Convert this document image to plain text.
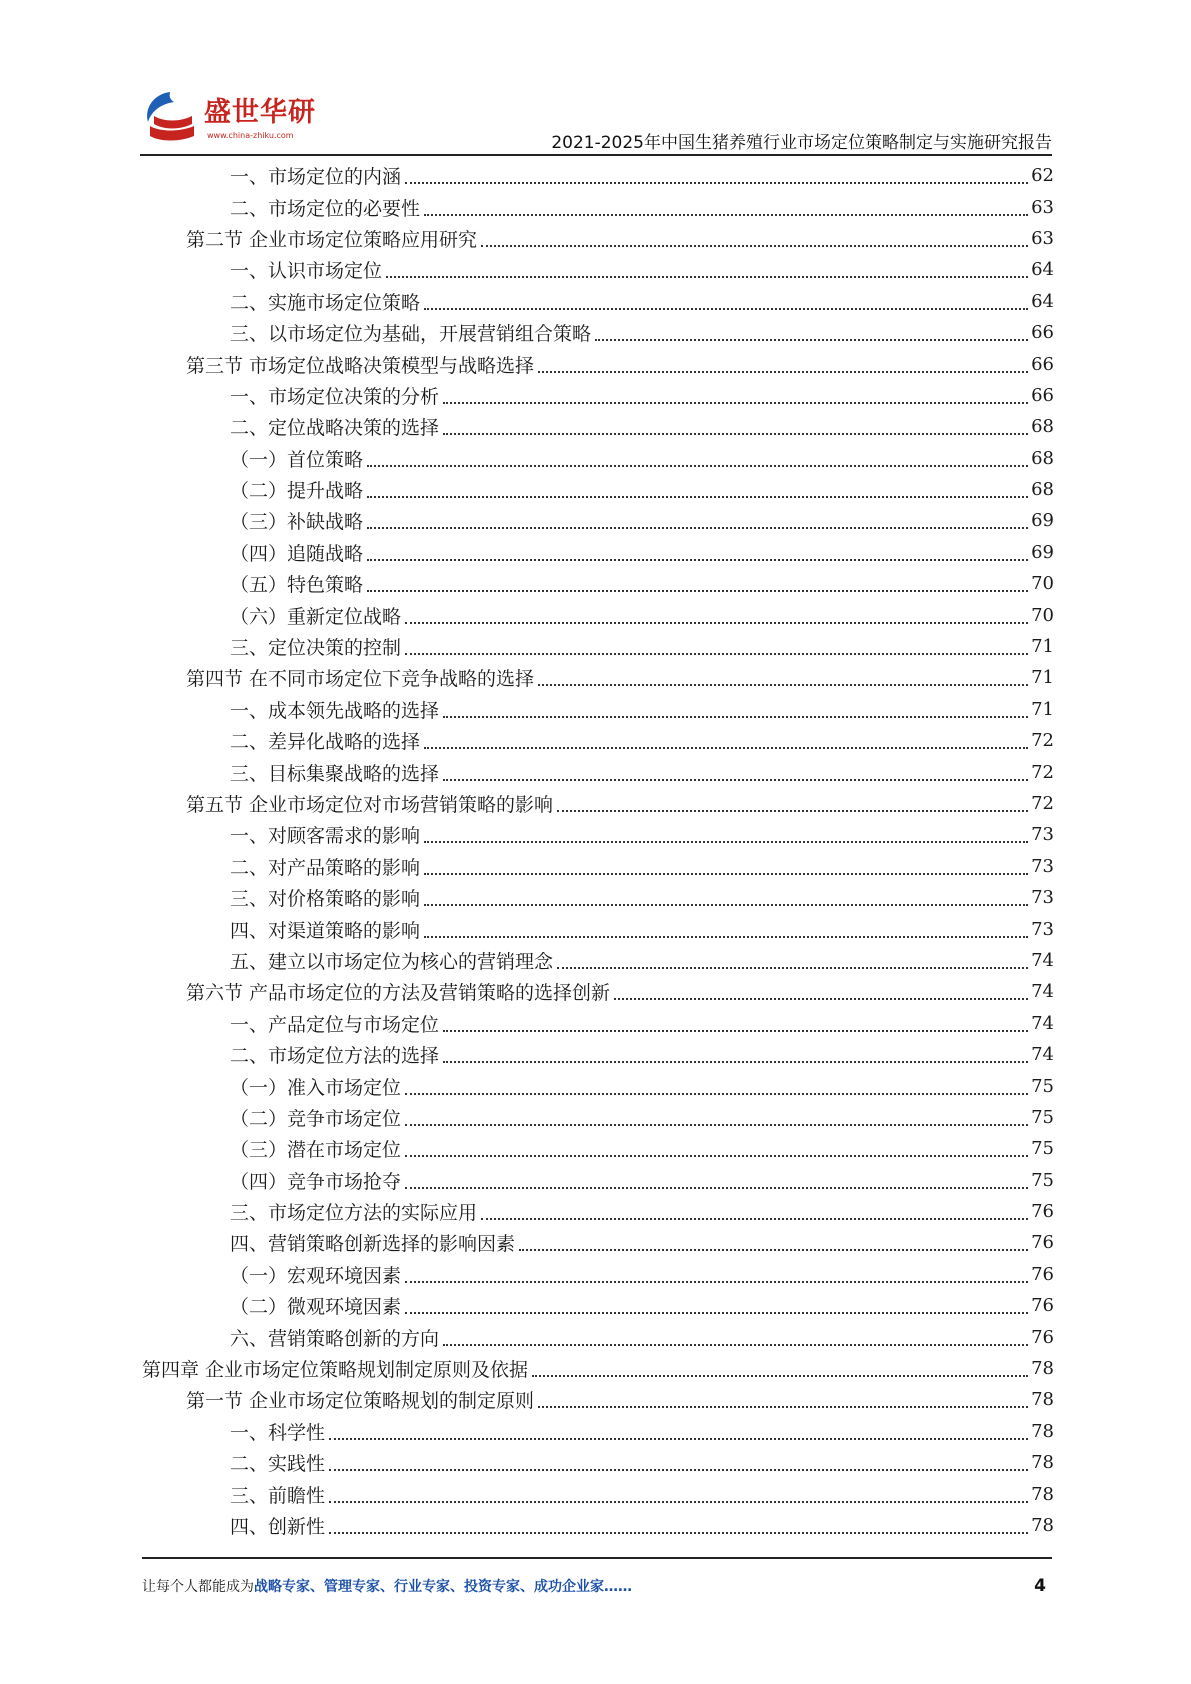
盛世华研
www.china-zhiku.com	2021-2025年中国生猪养殖行业市场定位策略制定与实施研究报告
一、市场定位的内涵	62
二、市场定位的必要性	63
第二节 企业市场定位策略应用研究	63
一、认识市场定位	64
二、实施市场定位策略	64
三、以市场定位为基础，开展营销组合策略	66
第三节 市场定位战略决策模型与战略选择	66
一、市场定位决策的分析	66
二、定位战略决策的选择	68
（一）首位策略	68
（二）提升战略	68
（三）补缺战略	69
（四）追随战略	69
（五）特色策略	70
（六）重新定位战略	70
三、定位决策的控制	71
第四节 在不同市场定位下竞争战略的选择	71
一、成本领先战略的选择	71
二、差异化战略的选择	72
三、目标集聚战略的选择	72
第五节 企业市场定位对市场营销策略的影响	72
一、对顾客需求的影响	73
二、对产品策略的影响	73
三、对价格策略的影响	73
四、对渠道策略的影响	73
五、建立以市场定位为核心的营销理念	74
第六节 产品市场定位的方法及营销策略的选择创新	74
一、产品定位与市场定位	74
二、市场定位方法的选择	74
（一）准入市场定位	75
（二）竞争市场定位	75
（三）潜在市场定位	75
（四）竞争市场抢夺	75
三、市场定位方法的实际应用	76
四、营销策略创新选择的影响因素	76
（一）宏观环境因素	76
（二）微观环境因素	76
六、营销策略创新的方向	76
第四章 企业市场定位策略规划制定原则及依据	78
第一节 企业市场定位策略规划的制定原则	78
一、科学性	78
二、实践性	78
三、前瞻性	78
四、创新性	78
让每个人都能成为战略专家、管理专家、行业专家、投资专家、成功企业家……	4
